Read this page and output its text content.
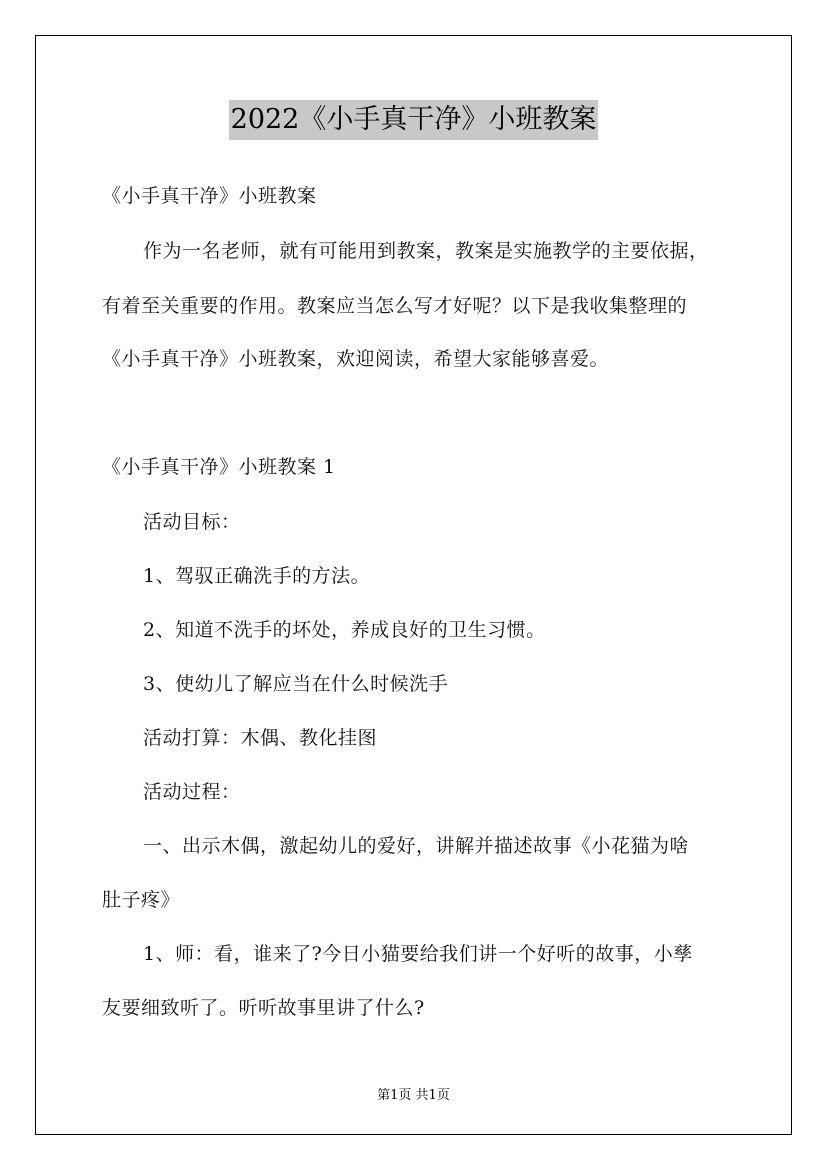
2022《小手真干净》小班教案
《小手真干净》小班教案
作为一名老师，就有可能用到教案，教案是实施教学的主要依据，
有着至关重要的作用。教案应当怎么写才好呢？以下是我收集整理的
《小手真干净》小班教案，欢迎阅读，希望大家能够喜爱。
《小手真干净》小班教案 1
活动目标：
1、驾驭正确洗手的方法。
2、知道不洗手的坏处，养成良好的卫生习惯。
3、使幼儿了解应当在什么时候洗手
活动打算：木偶、教化挂图
活动过程：
一、出示木偶，激起幼儿的爱好，讲解并描述故事《小花猫为啥
肚子疼》
1、师：看，谁来了?今日小猫要给我们讲一个好听的故事，小孳
友要细致听了。听听故事里讲了什么?
第1页 共1页
